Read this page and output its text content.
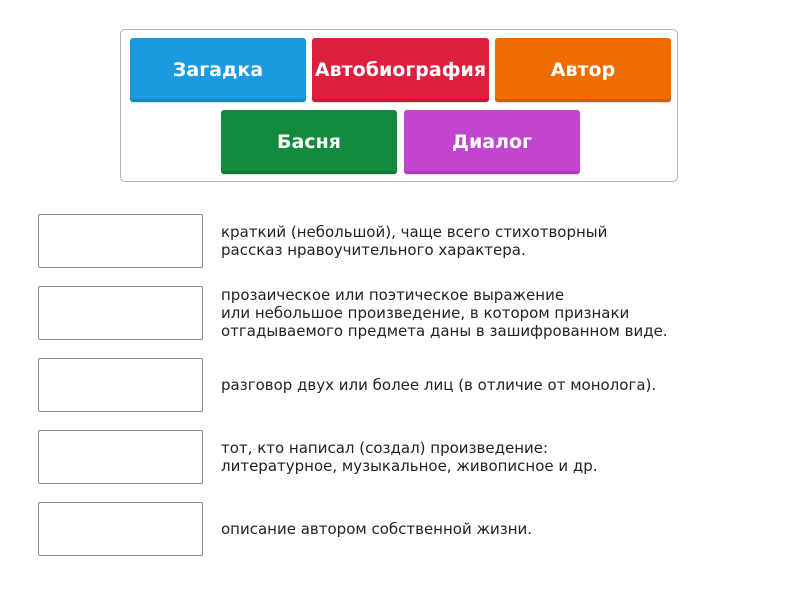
Загадка	Автобиография	Автор
Басня	Диалог
краткий (небольшой), чаще всего стихотворный
рассказ нравоучительного характера.
прозаическое или поэтическое выражение
или небольшое произведение, в котором признаки
отгадываемого предмета даны в зашифрованном виде.
разговор двух или более лиц (в отличие от монолога).
тот, кто написал (создал) произведение:
литературное, музыкальное, живописное и др.
описание автором собственной жизни.
